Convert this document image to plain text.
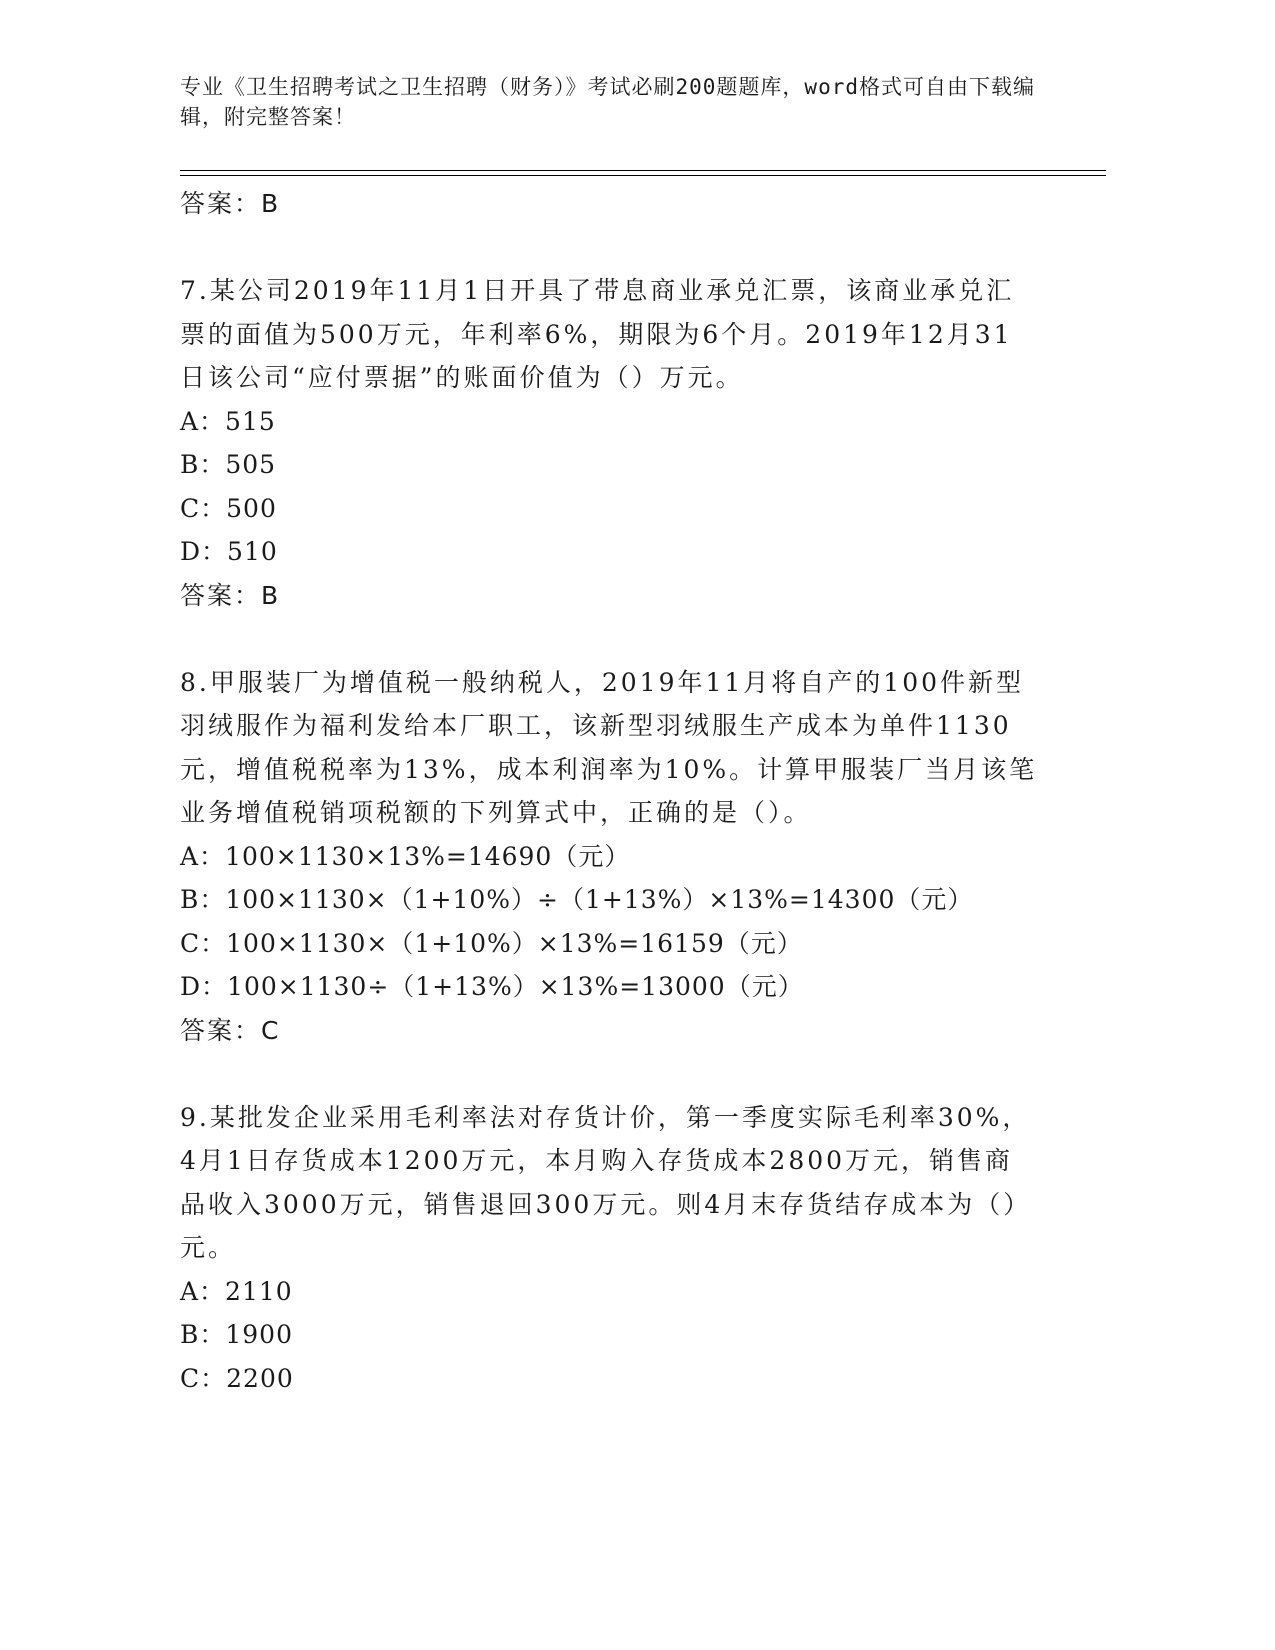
专业《卫生招聘考试之卫生招聘（财务）》考试必刷200题题库，word格式可自由下载编辑，附完整答案！
答案：B
7.某公司2019年11月1日开具了带息商业承兑汇票，该商业承兑汇票的面值为500万元，年利率6%，期限为6个月。2019年12月31日该公司“应付票据”的账面价值为（）万元。
A：515
B：505
C：500
D：510
答案：B
8.甲服装厂为增值税一般纳税人，2019年11月将自产的100件新型羽绒服作为福利发给本厂职工，该新型羽绒服生产成本为单件1130元，增值税税率为13%，成本利润率为10%。计算甲服装厂当月该笔业务增值税销项税额的下列算式中，正确的是（）。
A：100×1130×13%=14690（元）
B：100×1130×（1+10%）÷（1+13%）×13%=14300（元）
C：100×1130×（1+10%）×13%=16159（元）
D：100×1130÷（1+13%）×13%=13000（元）
答案：C
9.某批发企业采用毛利率法对存货计价，第一季度实际毛利率30%，4月1日存货成本1200万元，本月购入存货成本2800万元，销售商品收入3000万元，销售退回300万元。则4月末存货结存成本为（）元。
A：2110
B：1900
C：2200
